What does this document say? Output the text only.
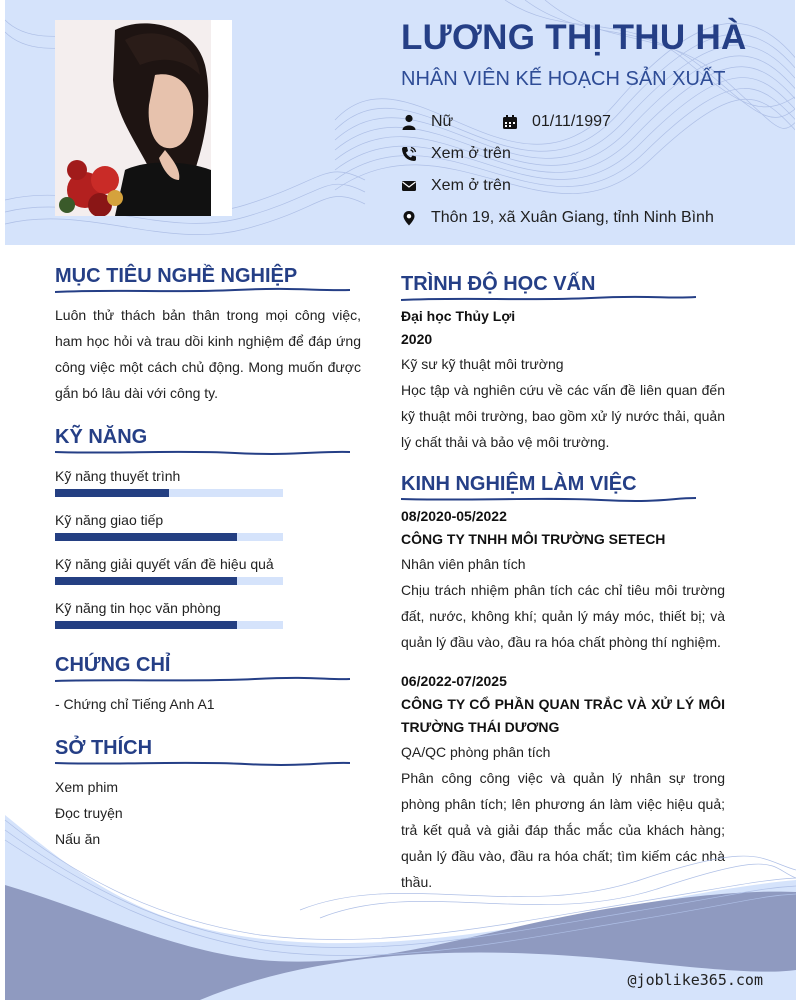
LƯƠNG THỊ THU HÀ
NHÂN VIÊN KẾ HOẠCH SẢN XUẤT
Nữ	01/11/1997
Xem ở trên
Xem ở trên
Thôn 19, xã Xuân Giang, tỉnh Ninh Bình
MỤC TIÊU NGHỀ NGHIỆP
Luôn thử thách bản thân trong mọi công việc,
ham học hỏi và trau dồi kinh nghiệm để đáp ứng
công việc một cách chủ động. Mong muốn được
gắn bó lâu dài với công ty.
KỸ NĂNG
Kỹ năng thuyết trình
Kỹ năng giao tiếp
Kỹ năng giải quyết vấn đề hiệu quả
Kỹ năng tin học văn phòng
CHỨNG CHỈ
- Chứng chỉ Tiếng Anh A1
SỞ THÍCH
Xem phim
Đọc truyện
Nấu ăn
TRÌNH ĐỘ HỌC VẤN
Đại học Thủy Lợi
2020
Kỹ sư kỹ thuật môi trường
Học tập và nghiên cứu về các vấn đề liên quan đến
kỹ thuật môi trường, bao gồm xử lý nước thải, quản
lý chất thải và bảo vệ môi trường.
KINH NGHIỆM LÀM VIỆC
08/2020-05/2022
CÔNG TY TNHH MÔI TRƯỜNG SETECH
Nhân viên phân tích
Chịu trách nhiệm phân tích các chỉ tiêu môi trường
đất, nước, không khí; quản lý máy móc, thiết bị; và
quản lý đầu vào, đầu ra hóa chất phòng thí nghiệm.
06/2022-07/2025
CÔNG TY CỔ PHẦN QUAN TRẮC VÀ XỬ LÝ MÔI
TRƯỜNG THÁI DƯƠNG
QA/QC phòng phân tích
Phân công công việc và quản lý nhân sự trong
phòng phân tích; lên phương án làm việc hiệu quả;
trả kết quả và giải đáp thắc mắc của khách hàng;
quản lý đầu vào, đầu ra hóa chất; tìm kiếm các nhà
thầu.
@joblike365.com
